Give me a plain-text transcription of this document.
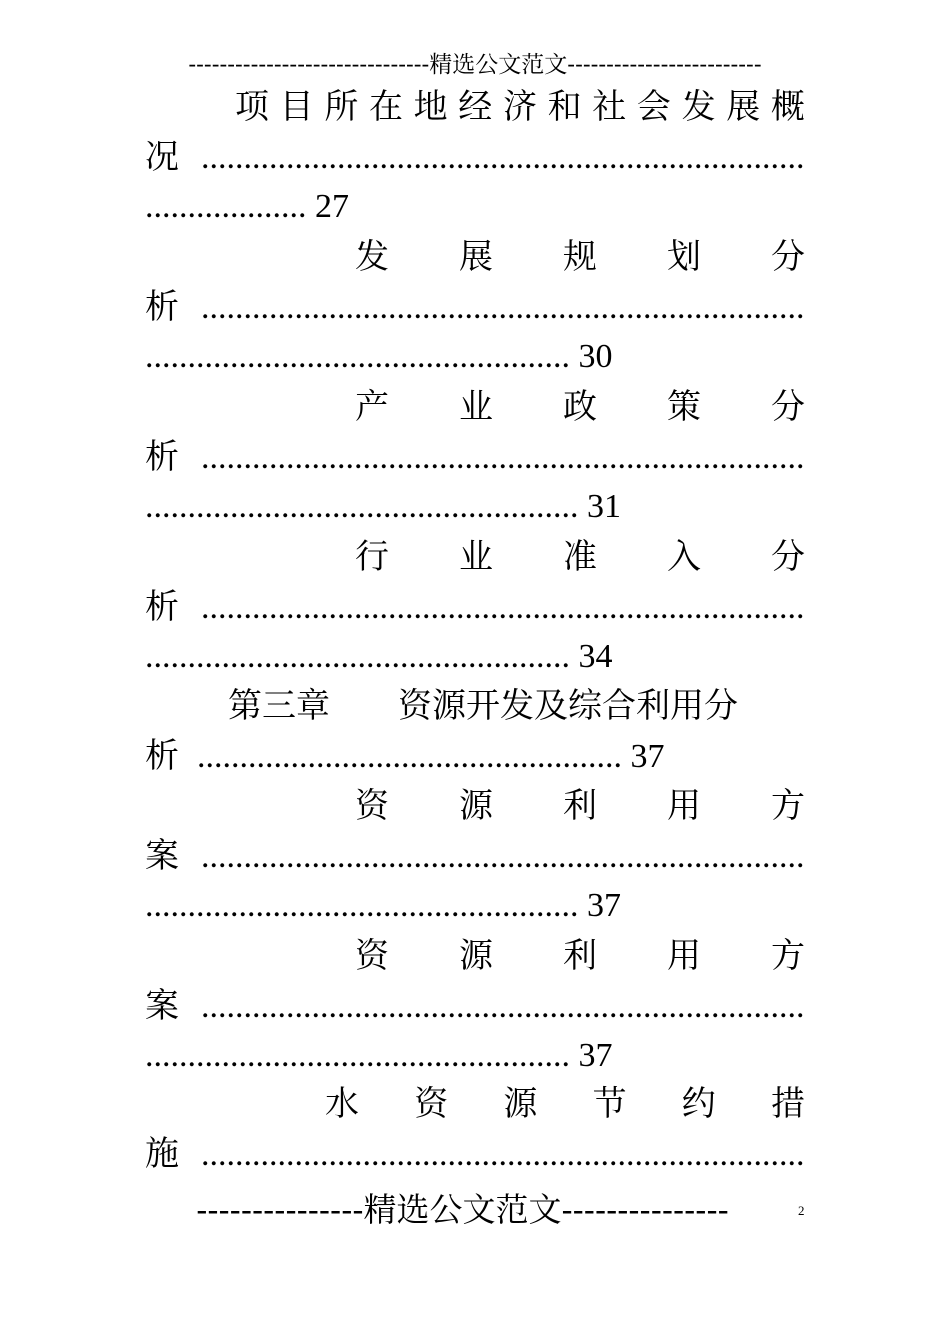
-------------------------------精选公文范文-------------------------
项 目 所 在 地 经 济 和 社 会 发 展 概
况
.....
................... 27
发 展 规 划 分
析
.....
.................................................. 30
产 业 政 策 分
析
.....
................................................... 31
行 业 准 入 分
析
.....
.................................................. 34
第三章　　资源开发及综合利用分
析 .................................................. 37
资 源 利 用 方
案
.....
................................................... 37
资 源 利 用 方
案
.....
.................................................. 37
水 资 源 节 约 措
施
.....
---------------精选公文范文---------------	2
